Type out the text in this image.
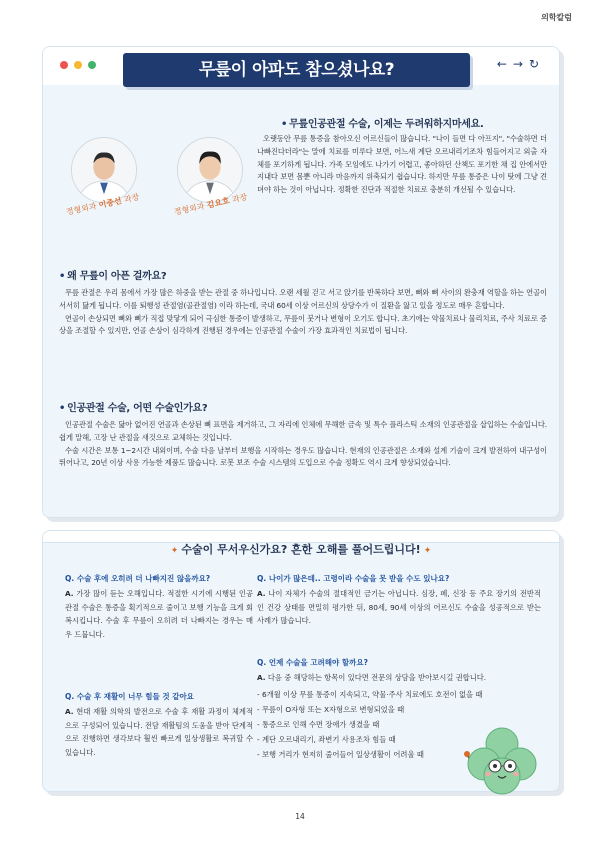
의학칼럼
무릎이 아파도 참으셨나요?	←→↻
정형외과 이중선 과장
정형외과 김요호 과장
• 무릎인공관절 수술, 이제는 두려워하지마세요.

오랫동안 무릎 통증을 참아오신 어르신들이 많습니다. "나이 들면 다 아프지", "수술하면 더 나빠진다더라"는 말에 치료를 미루다 보면, 어느새 계단 오르내리기조차 힘들어지고 외출 자체를 포기하게 됩니다. 가족 모임에도 나가기 어렵고, 좋아하던 산책도 포기한 채 집 안에서만 지내다 보면 몸뿐 아니라 마음까지 위축되기 쉽습니다. 하지만 무릎 통증은 나이 탓에 그냥 견뎌야 하는 것이 아닙니다. 정확한 진단과 적절한 치료로 충분히 개선될 수 있습니다.

• 왜 무릎이 아픈 걸까요?

무릎 관절은 우리 몸에서 가장 많은 하중을 받는 관절 중 하나입니다. 오랜 세월 걷고 서고 앉기를 반복하다 보면, 뼈와 뼈 사이의 완충재 역할을 하는 연골이 서서히 닳게 됩니다. 이를 퇴행성 관절염(골관절염) 이라 하는데, 국내 60세 이상 어르신의 상당수가 이 질환을 앓고 있을 정도로 매우 흔합니다.

연골이 손상되면 뼈와 뼈가 직접 맞닿게 되어 극심한 통증이 발생하고, 무릎이 붓거나 변형이 오기도 합니다. 초기에는 약물치료나 물리치료, 주사 치료로 증상을 조절할 수 있지만, 연골 손상이 심각하게 진행된 경우에는 인공관절 수술이 가장 효과적인 치료법이 됩니다.

• 인공관절 수술, 어떤 수술인가요?

인공관절 수술은 닳아 없어진 연골과 손상된 뼈 표면을 제거하고, 그 자리에 인체에 무해한 금속 및 특수 플라스틱 소재의 인공관절을 삽입하는 수술입니다. 쉽게 말해, 고장 난 관절을 새것으로 교체하는 것입니다.

수술 시간은 보통 1~2시간 내외이며, 수술 다음 날부터 보행을 시작하는 경우도 많습니다. 현재의 인공관절은 소재와 설계 기술이 크게 발전하여 내구성이 뛰어나고, 20년 이상 사용 가능한 제품도 많습니다. 로봇 보조 수술 시스템의 도입으로 수술 정확도 역시 크게 향상되었습니다.

✦ 수술이 무서우신가요? 흔한 오해를 풀어드립니다! ✦
Q. 수술 후에 오히려 더 나빠지진 않을까요?
A. 가장 많이 듣는 오해입니다. 적절한 시기에 시행된 인공관절 수술은 통증을 획기적으로 줄이고 보행 기능을 크게 회복시킵니다. 수술 후 무릎이 오히려 더 나빠지는 경우는 매우 드뭅니다.
Q. 수술 후 재활이 너무 힘들 것 같아요
A. 현대 재활 의학의 발전으로 수술 후 재활 과정이 체계적으로 구성되어 있습니다. 전담 재활팀의 도움을 받아 단계적으로 진행하면 생각보다 훨씬 빠르게 일상생활로 복귀할 수 있습니다.
Q. 나이가 많은데.. 고령이라 수술을 못 받을 수도 있나요?
A. 나이 자체가 수술의 절대적인 금기는 아닙니다. 심장, 폐, 신장 등 주요 장기의 전반적인 건강 상태를 면밀히 평가한 뒤, 80세, 90세 이상의 어르신도 수술을 성공적으로 받는 사례가 많습니다.
Q. 언제 수술을 고려해야 할까요?
A. 다음 중 해당하는 항목이 있다면 전문의 상담을 받아보시길 권합니다.
- 6개월 이상 무릎 통증이 지속되고, 약물·주사 치료에도 호전이 없을 때
- 무릎이 O자형 또는 X자형으로 변형되었을 때
- 통증으로 인해 수면 장애가 생겼을 때
- 계단 오르내리기, 좌변기 사용조차 힘들 때
- 보행 거리가 현저히 줄어들어 일상생활이 어려울 때
14
